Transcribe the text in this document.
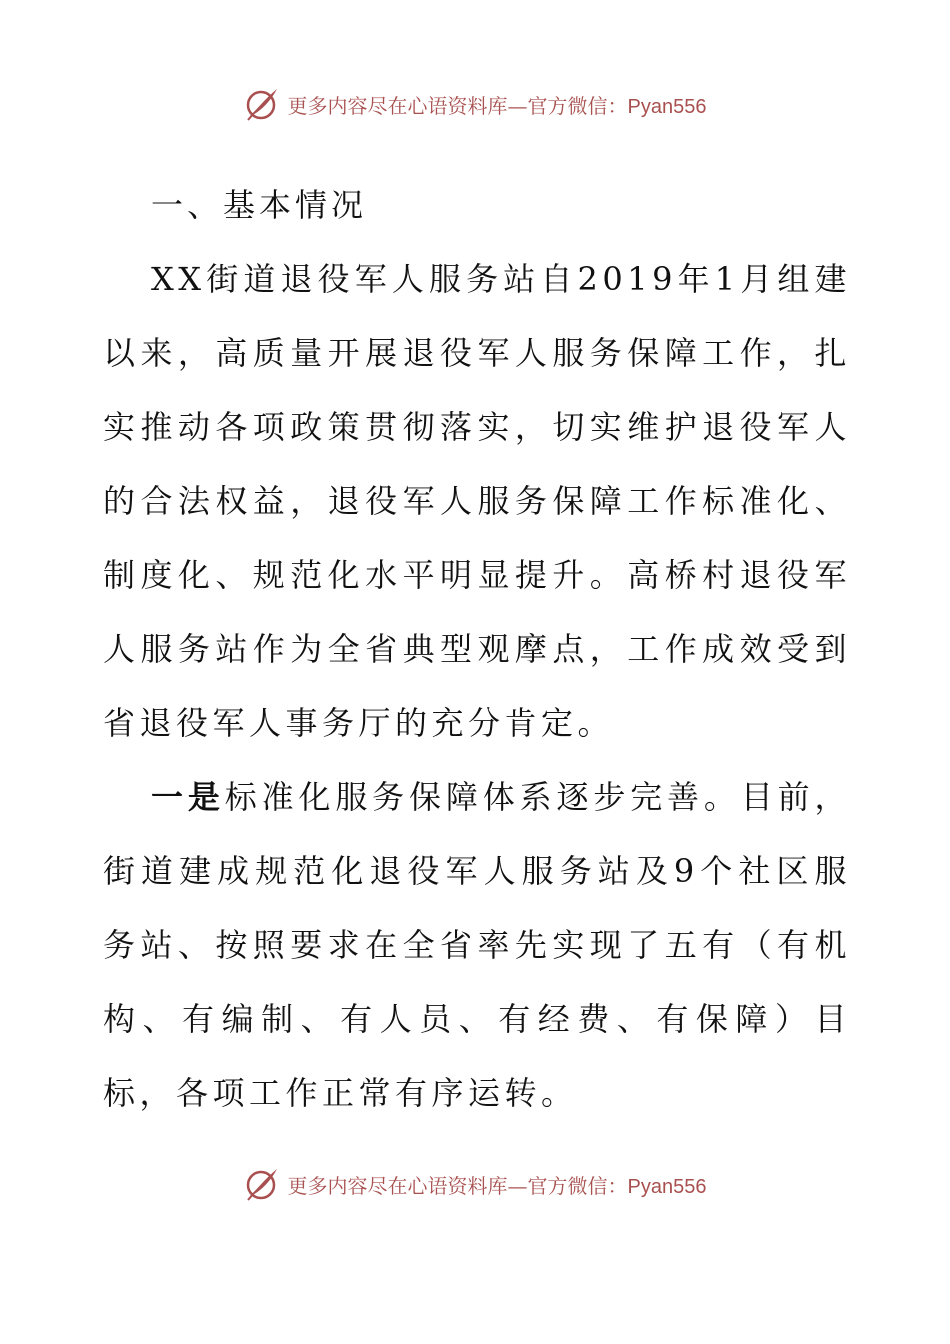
更多内容尽在心语资料库—官方微信：Pyan556
一、基本情况

XX街道退役军人服务站自2019年1月组建以来，高质量开展退役军人服务保障工作，扎实推动各项政策贯彻落实，切实维护退役军人的合法权益，退役军人服务保障工作标准化、制度化、规范化水平明显提升。高桥村退役军人服务站作为全省典型观摩点，工作成效受到省退役军人事务厅的充分肯定。

一是标准化服务保障体系逐步完善。目前，街道建成规范化退役军人服务站及9个社区服务站、按照要求在全省率先实现了五有（有机构、有编制、有人员、有经费、有保障）目标，各项工作正常有序运转。

更多内容尽在心语资料库—官方微信：Pyan556
